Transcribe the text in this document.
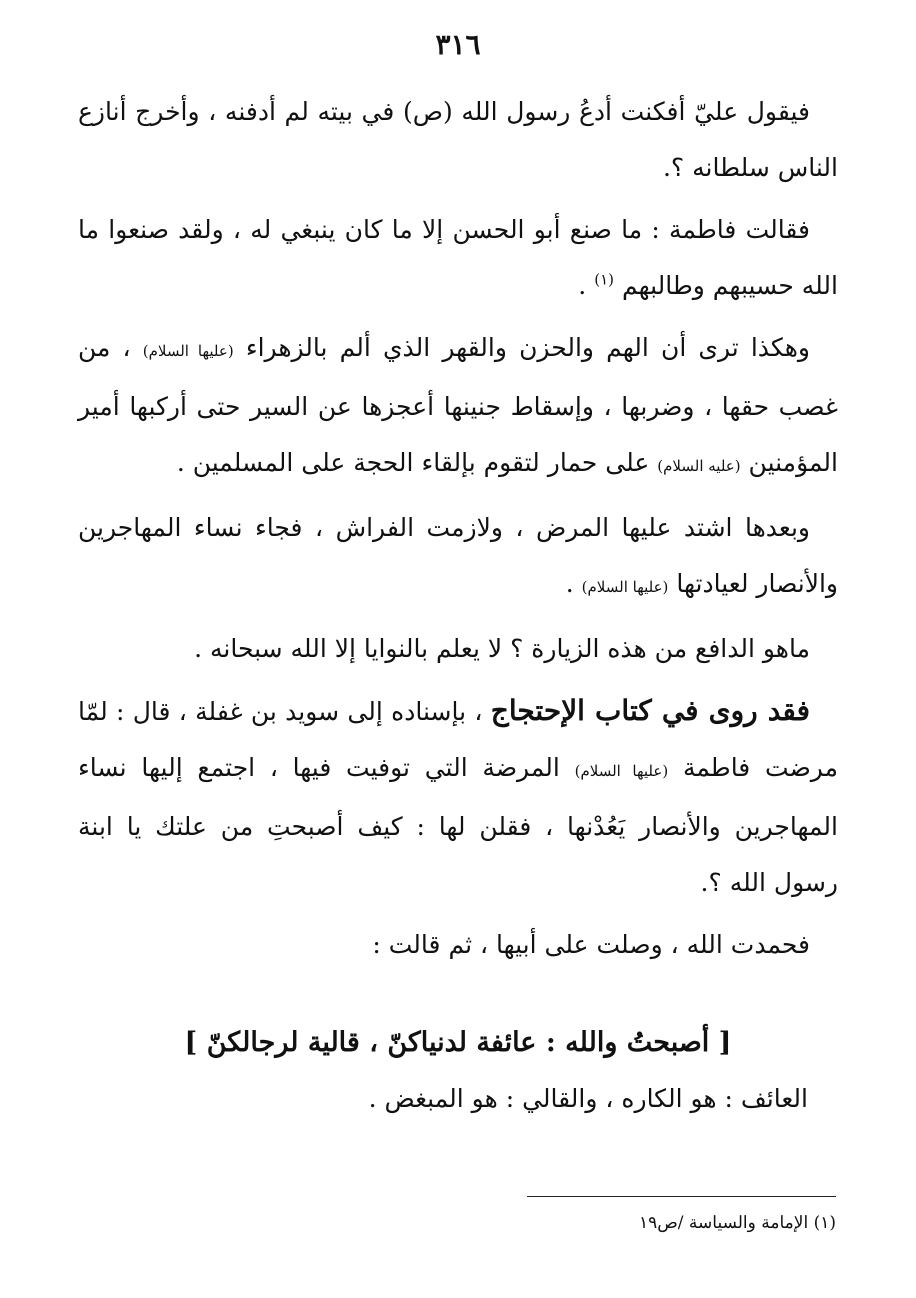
٣١٦

فيقول عليّ أفكنت أدعُ رسول الله (ص) في بيته لم أدفنه ، وأخرج أنازع الناس سلطانه ؟.

فقالت فاطمة : ما صنع أبو الحسن إلا ما كان ينبغي له ، ولقد صنعوا ما الله حسيبهم وطالبهم $^{(١)}$ .

وهكذا ترى أن الهم والحزن والقهر الذي ألم بالزهراء (عليها السلام) ، من غصب حقها ، وضربها ، وإسقاط جنينها أعجزها عن السير حتى أركبها أمير المؤمنين (عليه السلام) على حمار لتقوم بإلقاء الحجة على المسلمين .

وبعدها اشتد عليها المرض ، ولازمت الفراش ، فجاء نساء المهاجرين والأنصار لعيادتها (عليها السلام) .

ماهو الدافع من هذه الزيارة ؟ لا يعلم بالنوايا إلا الله سبحانه .

فقد روى في كتاب الإحتجاج ، بإسناده إلى سويد بن غفلة ، قال : لمّا مرضت فاطمة (عليها السلام) المرضة التي توفيت فيها ، اجتمع إليها نساء المهاجرين والأنصار يَعُدْنها ، فقلن لها : كيف أصبحتِ من علتك يا ابنة رسول الله ؟.

فحمدت الله ، وصلت على أبيها ، ثم قالت :

[ أصبحتُ والله : عائفة لدنياكنّ ، قالية لرجالكنّ ]
العائف : هو الكاره ، والقالي : هو المبغض .
(١) الإمامة والسياسة /ص١٩
